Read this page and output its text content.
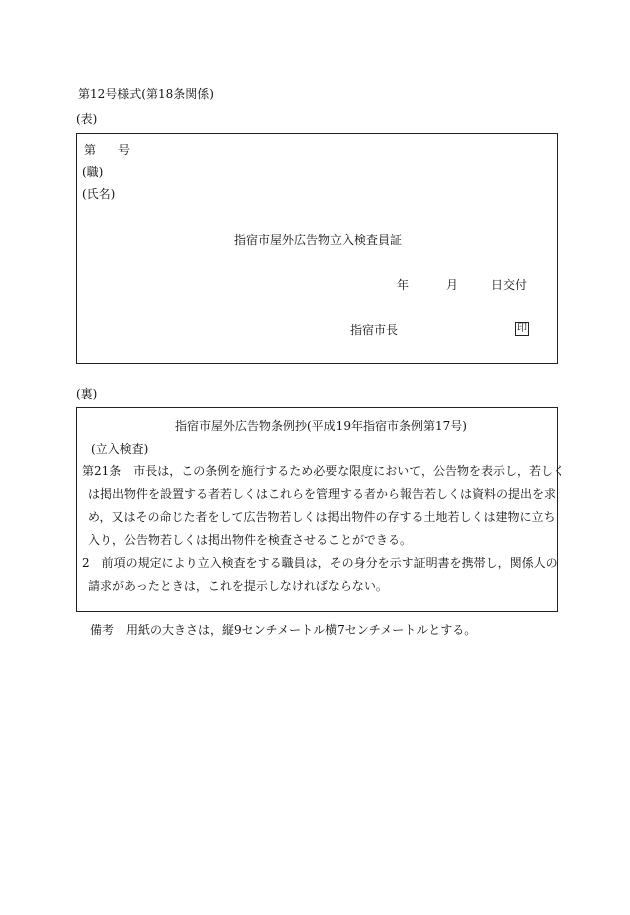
第12号様式(第18条関係)
(表)
第 号
(職)
(氏名)
指宿市屋外広告物立入検査員証
年	月	日交付
指宿市長	印
(裏)
指宿市屋外広告物条例抄(平成19年指宿市条例第17号)
(立入検査)
第21条　市長は，この条例を施行するため必要な限度において，公告物を表示し，若しく
は掲出物件を設置する者若しくはこれらを管理する者から報告若しくは資料の提出を求
め，又はその命じた者をして広告物若しくは掲出物件の存する土地若しくは建物に立ち
入り，公告物若しくは掲出物件を検査させることができる。
2　前項の規定により立入検査をする職員は，その身分を示す証明書を携帯し，関係人の
請求があったときは，これを提示しなければならない。
備考　用紙の大きさは，縦9センチメートル横7センチメートルとする。
